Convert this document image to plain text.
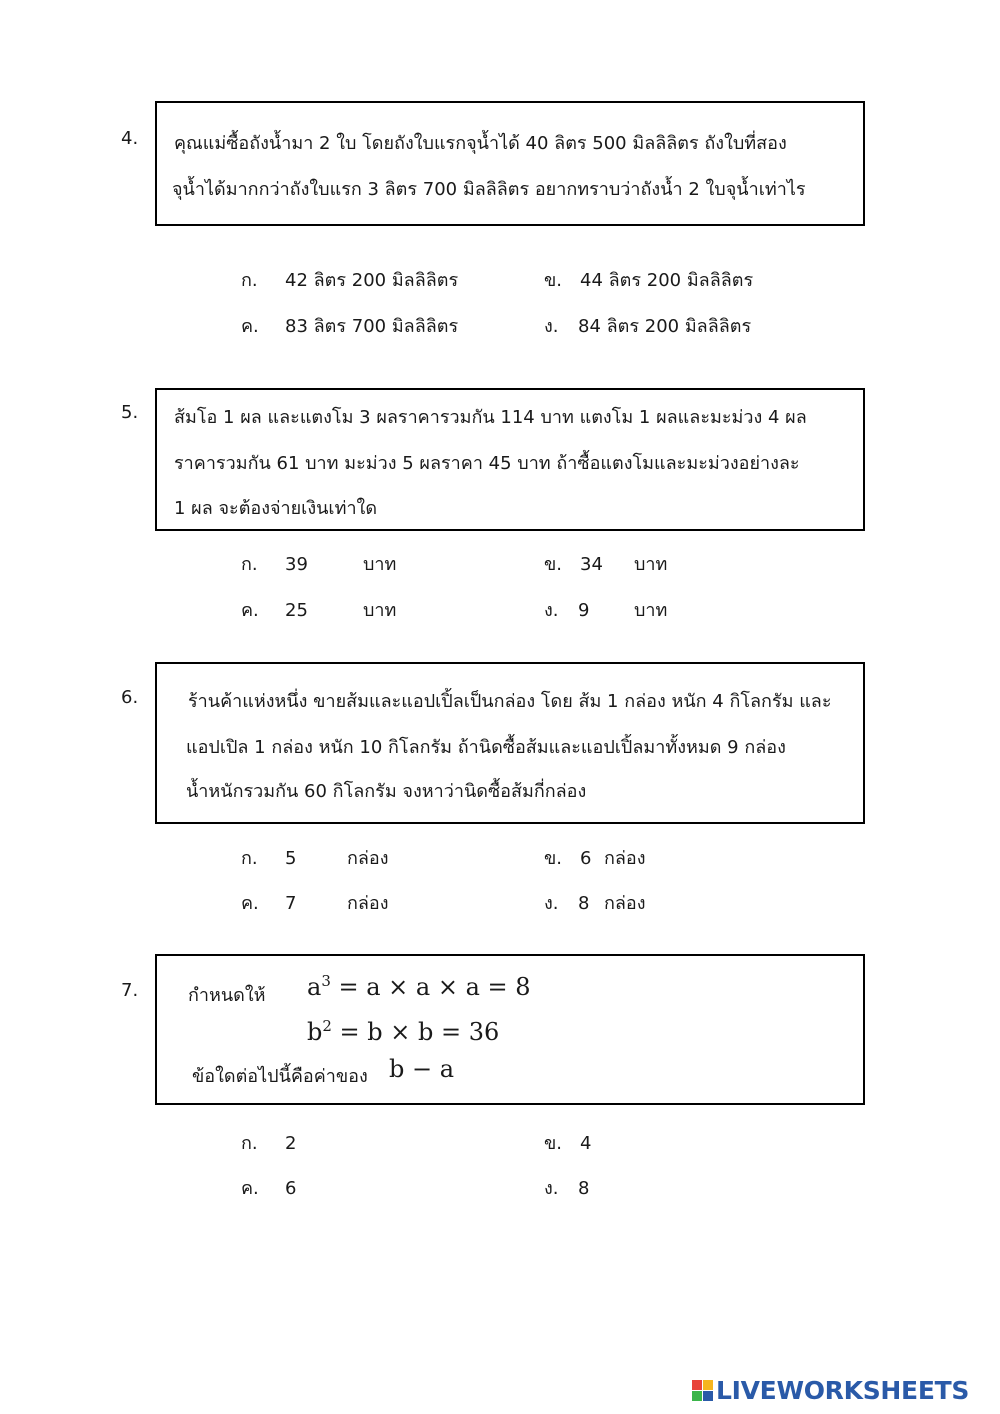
4. คุณแม่ซื้อถังน้ำมา 2 ใบ โดยถังใบแรกจุน้ำได้ 40 ลิตร 500 มิลลิลิตร ถังใบที่สอง
จุน้ำได้มากกว่าถังใบแรก 3 ลิตร 700 มิลลิลิตร อยากทราบว่าถังน้ำ 2 ใบจุน้ำเท่าไร
ก. 42 ลิตร 200 มิลลิลิตร	ข. 44 ลิตร 200 มิลลิลิตร
ค. 83 ลิตร 700 มิลลิลิตร	ง. 84 ลิตร 200 มิลลิลิตร
5. ส้มโอ 1 ผล และแตงโม 3 ผลราคารวมกัน 114 บาท แตงโม 1 ผลและมะม่วง 4 ผล
ราคารวมกัน 61 บาท มะม่วง 5 ผลราคา 45 บาท ถ้าซื้อแตงโมและมะม่วงอย่างละ
1 ผล จะต้องจ่ายเงินเท่าใด
ก. 39	บาท	ข. 34 บาท
ค. 25	บาท	ง. 9 บาท
6.	ร้านค้าแห่งหนึ่ง ขายส้มและแอปเปิ้ลเป็นกล่อง โดย ส้ม 1 กล่อง หนัก 4 กิโลกรัม และ
แอปเปิล 1 กล่อง หนัก 10 กิโลกรัม ถ้านิดซื้อส้มและแอปเปิ้ลมาทั้งหมด 9 กล่อง
น้ำหนักรวมกัน 60 กิโลกรัม จงหาว่านิดซื้อส้มกี่กล่อง
ก. 5	กล่อง	ข. 6 กล่อง
ค. 7	กล่อง	ง. 8 กล่อง
7.	กำหนดให้ $a^3 = a \times a \times a = 8$
$b^2 = b \times b = 36$
ข้อใดต่อไปนี้คือค่าของ b − a
ก. 2	ข. 4
ค. 6	ง. 8
LIVEWORKSHEETS
